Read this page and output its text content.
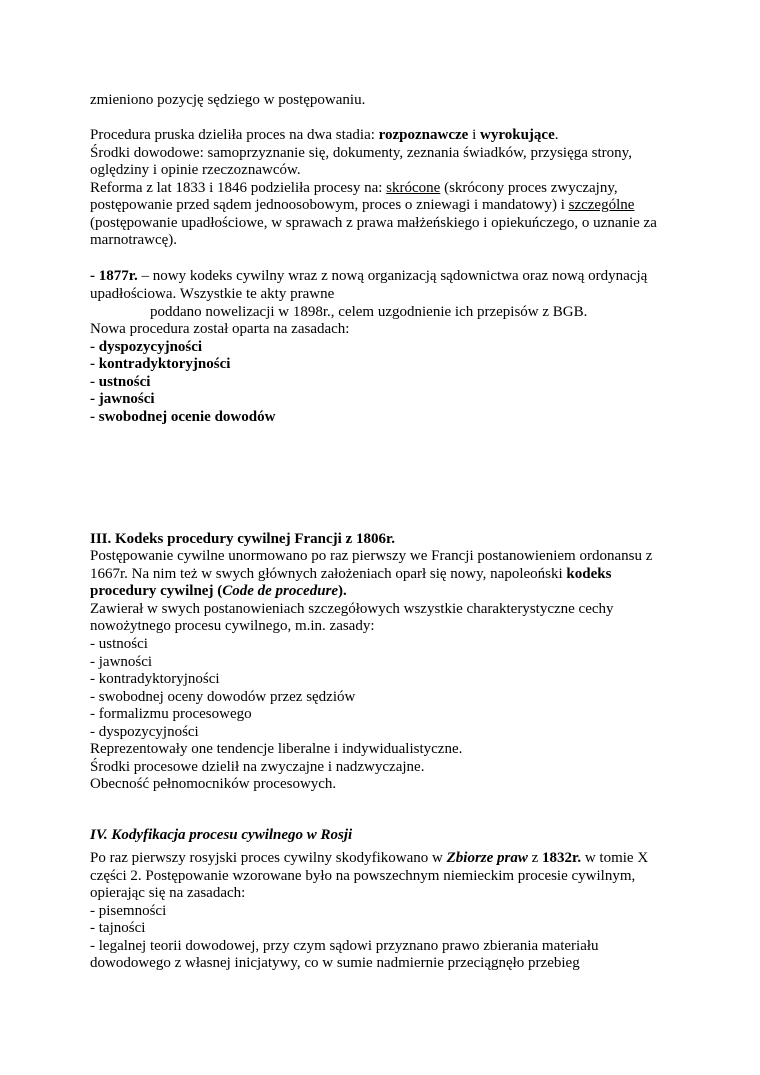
zmieniono pozycję sędziego w postępowaniu.
Procedura pruska dzieliła proces na dwa stadia: rozpoznawcze i wyrokujące.
Środki dowodowe: samoprzyznanie się, dokumenty, zeznania świadków, przysięga strony,
oględziny i opinie rzeczoznawców.
Reforma z lat 1833 i 1846 podzieliła procesy na: skrócone (skrócony proces zwyczajny,
postępowanie przed sądem jednoosobowym, proces o zniewagi i mandatowy) i szczególne
(postępowanie upadłościowe, w sprawach z prawa małżeńskiego i opiekuńczego, o uznanie za
marnotrawcę).
- 1877r. – nowy kodeks cywilny wraz z nową organizacją sądownictwa oraz nową ordynacją
upadłościowa. Wszystkie te akty prawne
poddano nowelizacji w 1898r., celem uzgodnienie ich przepisów z BGB.
Nowa procedura został oparta na zasadach:
- dyspozycyjności
- kontradyktoryjności
- ustności
- jawności
- swobodnej ocenie dowodów
III. Kodeks procedury cywilnej Francji z 1806r.
Postępowanie cywilne unormowano po raz pierwszy we Francji postanowieniem ordonansu z
1667r. Na nim też w swych głównych założeniach oparł się nowy, napoleoński kodeks
procedury cywilnej (Code de procedure).
Zawierał w swych postanowieniach szczegółowych wszystkie charakterystyczne cechy
nowożytnego procesu cywilnego, m.in. zasady:
- ustności
- jawności
- kontradyktoryjności
- swobodnej oceny dowodów przez sędziów
- formalizmu procesowego
- dyspozycyjności
Reprezentowały one tendencje liberalne i indywidualistyczne.
Środki procesowe dzielił na zwyczajne i nadzwyczajne.
Obecność pełnomocników procesowych.
IV. Kodyfikacja procesu cywilnego w Rosji
Po raz pierwszy rosyjski proces cywilny skodyfikowano w Zbiorze praw z 1832r. w tomie X
części 2. Postępowanie wzorowane było na powszechnym niemieckim procesie cywilnym,
opierając się na zasadach:
- pisemności
- tajności
- legalnej teorii dowodowej, przy czym sądowi przyznano prawo zbierania materiału
dowodowego z własnej inicjatywy, co w sumie nadmiernie przeciągnęło przebieg
